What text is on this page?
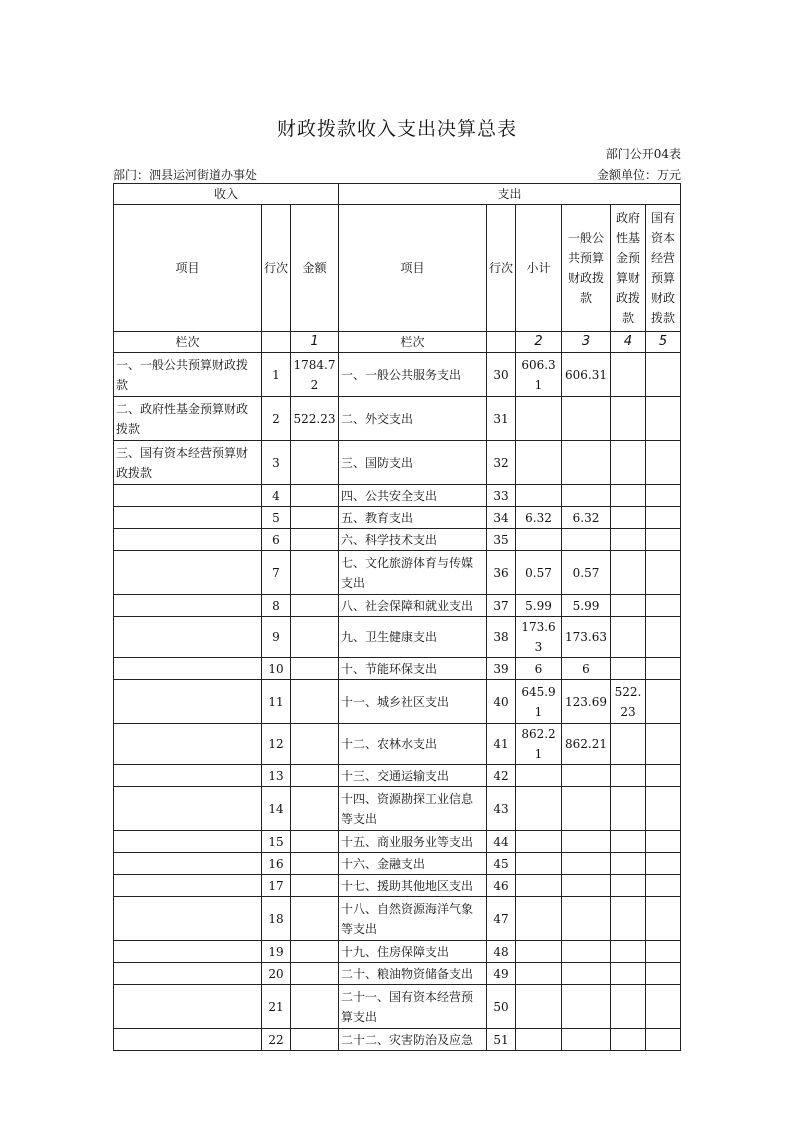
财政拨款收入支出决算总表
部门公开04表
部门：泗县运河街道办事处	金额单位：万元
收入			支出					
项目	行次	金额	项目	行次	小计	一般公共预算财政拨款	政府性基金预算财政拨款	国有资本经营预算财政拨款
栏次		1	栏次		2	3	4	5
一、一般公共预算财政拨款	1	1784.72	一、一般公共服务支出	30	606.31	606.31		
二、政府性基金预算财政拨款	2	522.23	二、外交支出	31				
三、国有资本经营预算财政拨款	3		三、国防支出	32				
	4		四、公共安全支出	33				
	5		五、教育支出	34	6.32	6.32		
	6		六、科学技术支出	35				
	7		七、文化旅游体育与传媒支出	36	0.57	0.57		
	8		八、社会保障和就业支出	37	5.99	5.99		
	9		九、卫生健康支出	38	173.63	173.63		
	10		十、节能环保支出	39	6	6		
	11		十一、城乡社区支出	40	645.91	123.69	522.23	
	12		十二、农林水支出	41	862.21	862.21		
	13		十三、交通运输支出	42				
	14		十四、资源勘探工业信息等支出	43				
	15		十五、商业服务业等支出	44				
	16		十六、金融支出	45				
	17		十七、援助其他地区支出	46				
	18		十八、自然资源海洋气象等支出	47				
	19		十九、住房保障支出	48				
	20		二十、粮油物资储备支出	49				
	21		二十一、国有资本经营预算支出	50				
	22		二十二、灾害防治及应急	51				
